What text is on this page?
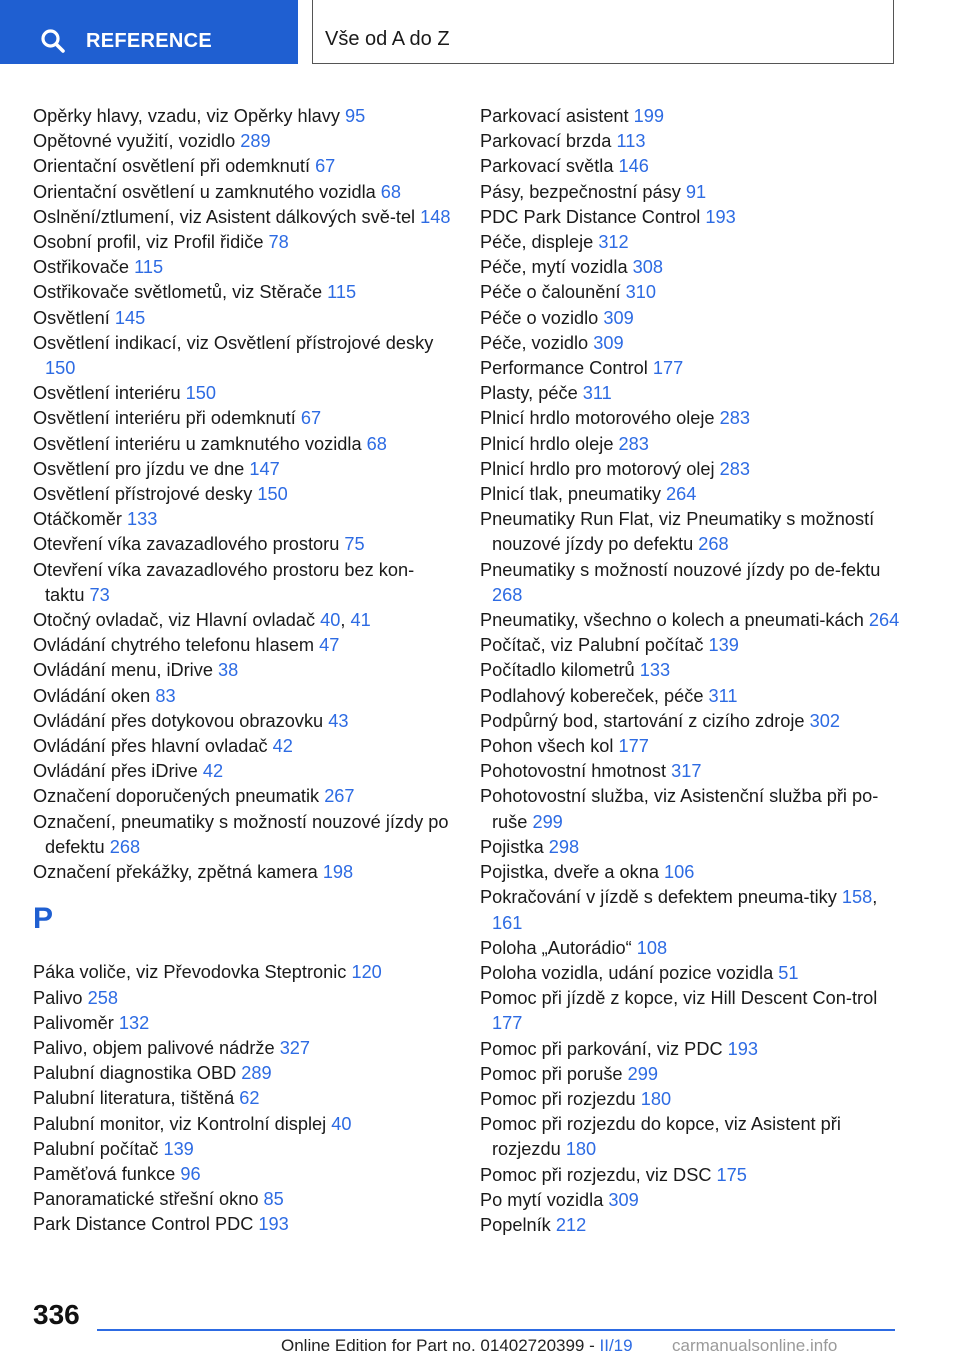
REFERENCE	Vše od A do Z
Opěrky hlavy, vzadu, viz Opěrky hlavy 95
Opětovné využití, vozidlo 289
Orientační osvětlení při odemknutí 67
Orientační osvětlení u zamknutého vozidla 68
Oslnění/ztlumení, viz Asistent dálkových svě-tel 148
Osobní profil, viz Profil řidiče 78
Ostřikovače 115
Ostřikovače světlometů, viz Stěrače 115
Osvětlení 145
Osvětlení indikací, viz Osvětlení přístrojové desky 150
Osvětlení interiéru 150
Osvětlení interiéru při odemknutí 67
Osvětlení interiéru u zamknutého vozidla 68
Osvětlení pro jízdu ve dne 147
Osvětlení přístrojové desky 150
Otáčkoměr 133
Otevření víka zavazadlového prostoru 75
Otevření víka zavazadlového prostoru bez kon-taktu 73
Otočný ovladač, viz Hlavní ovladač 40, 41
Ovládání chytrého telefonu hlasem 47
Ovládání menu, iDrive 38
Ovládání oken 83
Ovládání přes dotykovou obrazovku 43
Ovládání přes hlavní ovladač 42
Ovládání přes iDrive 42
Označení doporučených pneumatik 267
Označení, pneumatiky s možností nouzové jízdy po defektu 268
Označení překážky, zpětná kamera 198
P
Páka voliče, viz Převodovka Steptronic 120
Palivo 258
Palivoměr 132
Palivo, objem palivové nádrže 327
Palubní diagnostika OBD 289
Palubní literatura, tištěná 62
Palubní monitor, viz Kontrolní displej 40
Palubní počítač 139
Paměťová funkce 96
Panoramatické střešní okno 85
Park Distance Control PDC 193
Parkovací asistent 199
Parkovací brzda 113
Parkovací světla 146
Pásy, bezpečnostní pásy 91
PDC Park Distance Control 193
Péče, displeje 312
Péče, mytí vozidla 308
Péče o čalounění 310
Péče o vozidlo 309
Péče, vozidlo 309
Performance Control 177
Plasty, péče 311
Plnicí hrdlo motorového oleje 283
Plnicí hrdlo oleje 283
Plnicí hrdlo pro motorový olej 283
Plnicí tlak, pneumatiky 264
Pneumatiky Run Flat, viz Pneumatiky s možností nouzové jízdy po defektu 268
Pneumatiky s možností nouzové jízdy po de-fektu 268
Pneumatiky, všechno o kolech a pneumati-kách 264
Počítač, viz Palubní počítač 139
Počítadlo kilometrů 133
Podlahový kobereček, péče 311
Podpůrný bod, startování z cizího zdroje 302
Pohon všech kol 177
Pohotovostní hmotnost 317
Pohotovostní služba, viz Asistenční služba při po-ruše 299
Pojistka 298
Pojistka, dveře a okna 106
Pokračování v jízdě s defektem pneuma-tiky 158, 161
Poloha „Autorádio“ 108
Poloha vozidla, udání pozice vozidla 51
Pomoc při jízdě z kopce, viz Hill Descent Con-trol 177
Pomoc při parkování, viz PDC 193
Pomoc při poruše 299
Pomoc při rozjezdu 180
Pomoc při rozjezdu do kopce, viz Asistent při rozjezdu 180
Pomoc při rozjezdu, viz DSC 175
Po mytí vozidla 309
Popelník 212
336
Online Edition for Part no. 01402720399 - II/19 carmanualsonline.info
